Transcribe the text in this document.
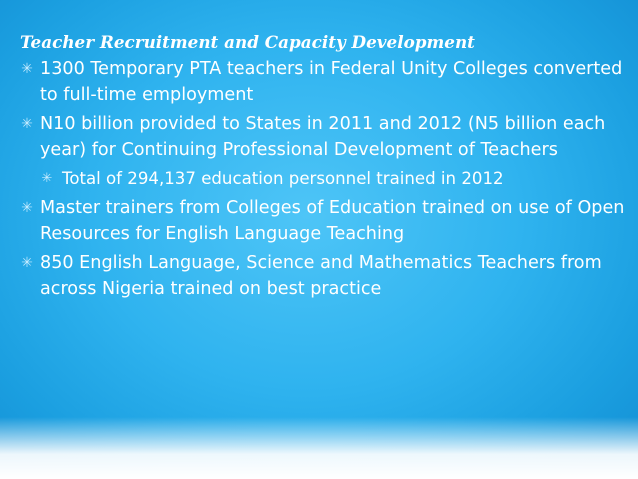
Teacher Recruitment and Capacity Development
✳ 1300 Temporary PTA teachers in Federal Unity Colleges converted to full-time employment
✳ N10 billion provided to States in 2011 and 2012 (N5 billion each year) for Continuing Professional Development of Teachers
✳ Total of 294,137 education personnel trained in 2012
✳ Master trainers from Colleges of Education trained on use of Open Resources for English Language Teaching
✳ 850 English Language, Science and Mathematics Teachers from across Nigeria trained on best practice
